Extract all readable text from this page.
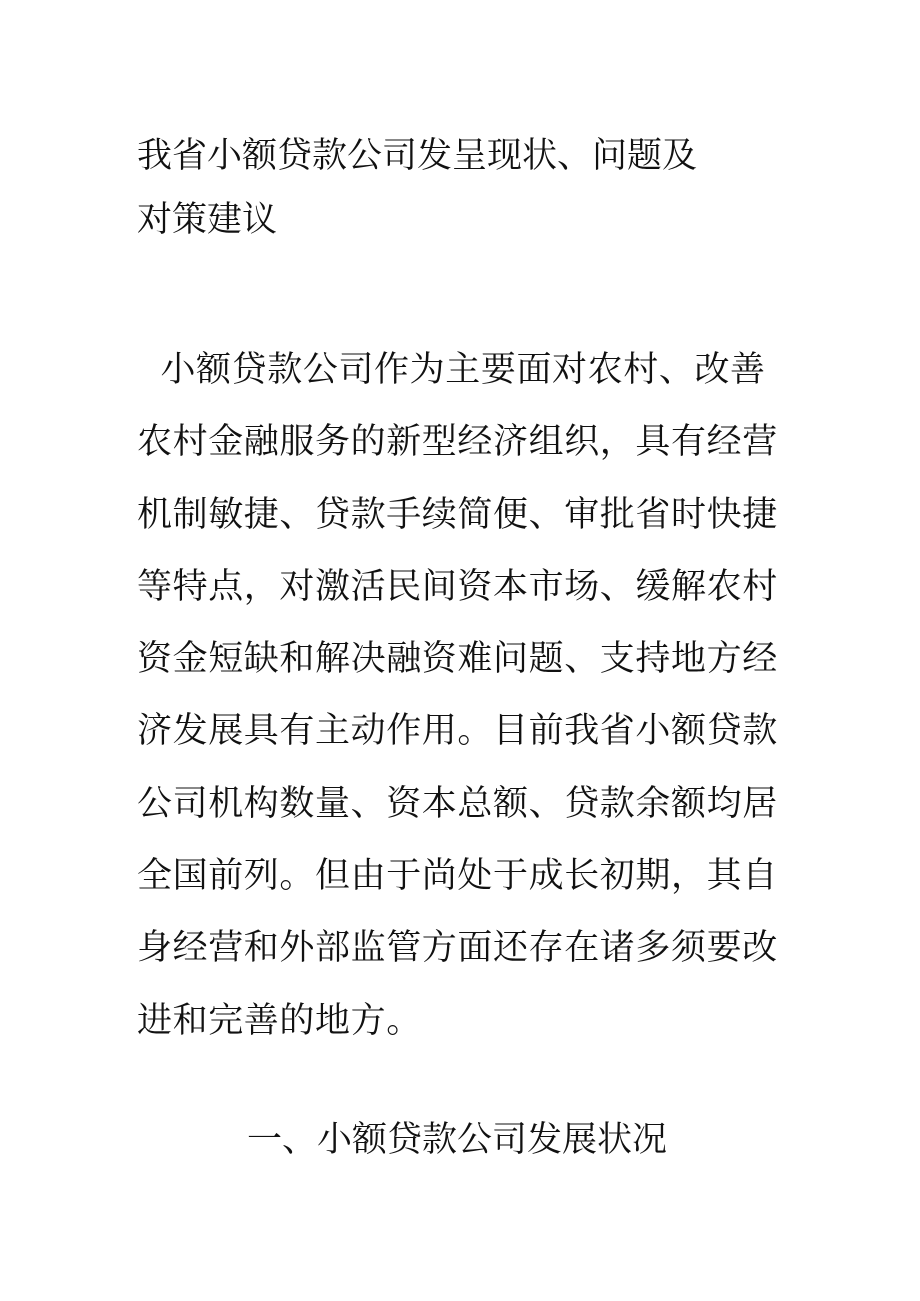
我省小额贷款公司发呈现状、问题及
对策建议

小额贷款公司作为主要面对农村、改善
农村金融服务的新型经济组织，具有经营
机制敏捷、贷款手续简便、审批省时快捷
等特点，对激活民间资本市场、缓解农村
资金短缺和解决融资难问题、支持地方经
济发展具有主动作用。目前我省小额贷款
公司机构数量、资本总额、贷款余额均居
全国前列。但由于尚处于成长初期，其自
身经营和外部监管方面还存在诸多须要改
进和完善的地方。

一、小额贷款公司发展状况
